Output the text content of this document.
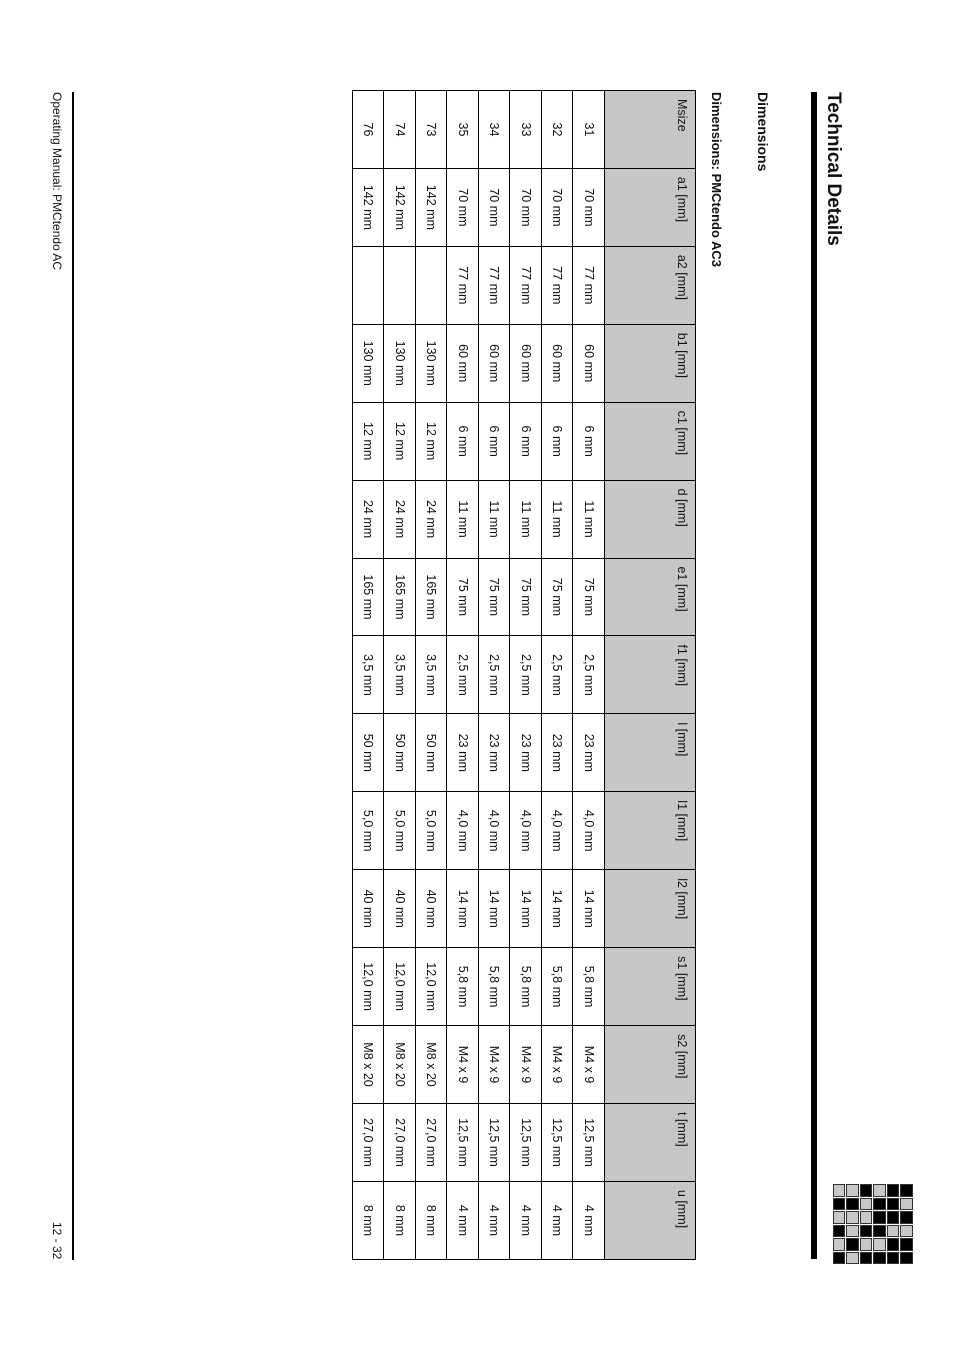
Technical Details
Dimensions
Dimensions: PMCtendo AC3
Msize	a1 [mm]	a2 [mm]	b1 [mm]	c1 [mm]	d [mm]	e1 [mm]	f1 [mm]	l [mm]	l1 [mm]	l2 [mm]	s1 [mm]	s2 [mm]	t [mm]	u [mm]
31	70 mm	77 mm	60 mm	6 mm	11 mm	75 mm	2,5 mm	23 mm	4,0 mm	14 mm	5,8 mm	M4 x 9	12,5 mm	4 mm
32	70 mm	77 mm	60 mm	6 mm	11 mm	75 mm	2,5 mm	23 mm	4,0 mm	14 mm	5,8 mm	M4 x 9	12,5 mm	4 mm
33	70 mm	77 mm	60 mm	6 mm	11 mm	75 mm	2,5 mm	23 mm	4,0 mm	14 mm	5,8 mm	M4 x 9	12,5 mm	4 mm
34	70 mm	77 mm	60 mm	6 mm	11 mm	75 mm	2,5 mm	23 mm	4,0 mm	14 mm	5,8 mm	M4 x 9	12,5 mm	4 mm
35	70 mm	77 mm	60 mm	6 mm	11 mm	75 mm	2,5 mm	23 mm	4,0 mm	14 mm	5,8 mm	M4 x 9	12,5 mm	4 mm
73	142 mm		130 mm	12 mm	24 mm	165 mm	3,5 mm	50 mm	5,0 mm	40 mm	12,0 mm	M8 x 20	27,0 mm	8 mm
74	142 mm		130 mm	12 mm	24 mm	165 mm	3,5 mm	50 mm	5,0 mm	40 mm	12,0 mm	M8 x 20	27,0 mm	8 mm
76	142 mm		130 mm	12 mm	24 mm	165 mm	3,5 mm	50 mm	5,0 mm	40 mm	12,0 mm	M8 x 20	27,0 mm	8 mm
Operating Manual: PMCtendo AC
12 - 32
